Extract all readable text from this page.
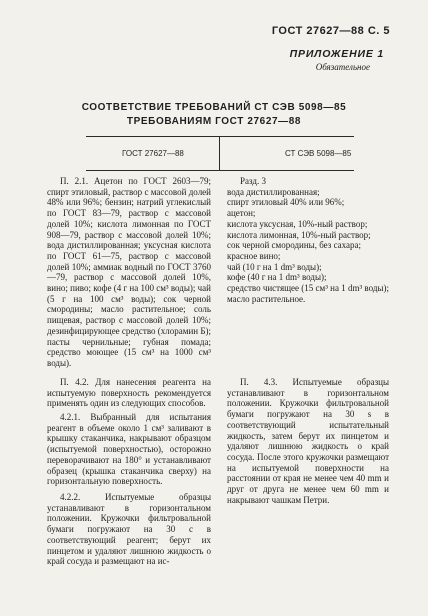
ГОСТ 27627—88 С. 5
ПРИЛОЖЕНИЕ 1
Обязательное
СООТВЕТСТВИЕ ТРЕБОВАНИЙ СТ СЭВ 5098—85
ТРЕБОВАНИЯМ ГОСТ 27627—88
ГОСТ 27627—88	СТ СЭВ 5098—85

П. 2.1. Ацетон по ГОСТ 2603—79; спирт этиловый, раствор с массовой долей 48% или 96%; бензин; натрий углекислый по ГОСТ 83—79, раствор с массовой долей 10%; кислота лимонная по ГОСТ 908—79, раствор с массовой долей 10%; вода дистиллированная; уксусная кислота по ГОСТ 61—75, раствор с массовой долей 10%; аммиак водный по ГОСТ 3760—79, раствор с массовой долей 10%, вино; пиво; кофе (4 г на 100 см³ воды); чай (5 г на 100 см³ воды); сок черной смородины; масло растительное; соль пищевая, раствор с массовой долей 10%; дезинфицирующее средство (хлорамин Б); пасты чернильные; губная помада; средство моющее (15 см³ на 1000 см³ воды).

П. 4.2. Для нанесения реагента на испытуемую поверхность рекомендуется применять один из следующих способов.

4.2.1. Выбранный для испытания реагент в объеме около 1 см³ заливают в крышку стаканчика, накрывают образцом (испытуемой поверхностью), осторожно переворачивают на 180° и устанавливают образец (крышка стаканчика сверху) на горизонтальную поверхность.

4.2.2. Испытуемые образцы устанавливают в горизонтальном положении. Кружочки фильтровальной бумаги погружают на 30 с в соответствующий реагент; берут их пинцетом и удаляют лишнюю жидкость о край сосуда и размещают на ис-

Разд. 3
вода дистиллированная;
спирт этиловый 40% или 96%;
ацетон;
кислота уксусная, 10%-ный раствор;
кислота лимонная, 10%-ный раствор;
сок черной смородины, без сахара;
красное вино;
чай (10 г на 1 dm³ воды);
кофе (40 г на 1 dm³ воды);
средство чистящее (15 см³ на 1 dm³ воды);
масло растительное.

П. 4.3. Испытуемые образцы устанавливают в горизонтальном положении. Кружочки фильтровальной бумаги погружают на 30 s в соответствующий испытательный жидкость, затем берут их пинцетом и удаляют лишнюю жидкость о край сосуда. После этого кружочки размещают на испытуемой поверхности на расстоянии от края не менее чем 40 mm и друг от друга не менее чем 60 mm и накрывают чашкам Петри.
